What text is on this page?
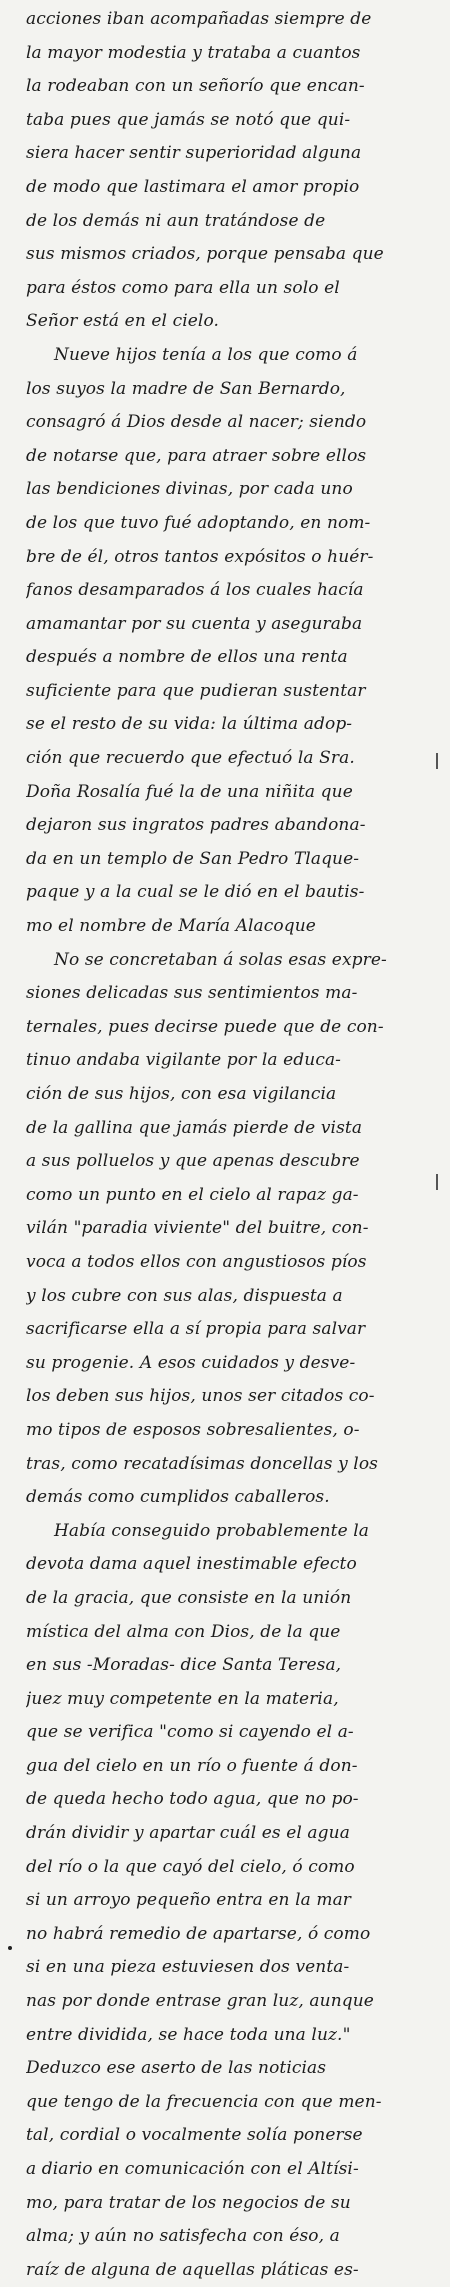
acciones iban acompañadas siempre de
la mayor modestia y trataba a cuantos
la rodeaban con un señorío que encan-
taba pues que jamás se notó que qui-
siera hacer sentir superioridad alguna
de modo que lastimara el amor propio
de los demás ni aun tratándose de
sus mismos criados, porque pensaba que
para éstos como para ella un solo el
Señor está en el cielo.
Nueve hijos tenía a los que como á
los suyos la madre de San Bernardo,
consagró á Dios desde al nacer; siendo
de notarse que, para atraer sobre ellos
las bendiciones divinas, por cada uno
de los que tuvo fué adoptando, en nom-
bre de él, otros tantos expósitos o huér-
fanos desamparados á los cuales hacía
amamantar por su cuenta y aseguraba
después a nombre de ellos una renta
suficiente para que pudieran sustentar
se el resto de su vida: la última adop-
ción que recuerdo que efectuó la Sra.
Doña Rosalía fué la de una niñita que
dejaron sus ingratos padres abandona-
da en un templo de San Pedro Tlaque-
paque y a la cual se le dió en el bautis-
mo el nombre de María Alacoque
No se concretaban á solas esas expre-
siones delicadas sus sentimientos ma-
ternales, pues decirse puede que de con-
tinuo andaba vigilante por la educa-
ción de sus hijos, con esa vigilancia
de la gallina que jamás pierde de vista
a sus polluelos y que apenas descubre
como un punto en el cielo al rapaz ga-
vilán "paradia viviente" del buitre, con-
voca a todos ellos con angustiosos píos
y los cubre con sus alas, dispuesta a
sacrificarse ella a sí propia para salvar
su progenie. A esos cuidados y desve-
los deben sus hijos, unos ser citados co-
mo tipos de esposos sobresalientes, o-
tras, como recatadísimas doncellas y los
demás como cumplidos caballeros.
Había conseguido probablemente la
devota dama aquel inestimable efecto
de la gracia, que consiste en la unión
mística del alma con Dios, de la que
en sus -Moradas- dice Santa Teresa,
juez muy competente en la materia,
que se verifica "como si cayendo el a-
gua del cielo en un río o fuente á don-
de queda hecho todo agua, que no po-
drán dividir y apartar cuál es el agua
del río o la que cayó del cielo, ó como
si un arroyo pequeño entra en la mar
no habrá remedio de apartarse, ó como
si en una pieza estuviesen dos venta-
nas por donde entrase gran luz, aunque
entre dividida, se hace toda una luz."
Deduzco ese aserto de las noticias
que tengo de la frecuencia con que men-
tal, cordial o vocalmente solía ponerse
a diario en comunicación con el Altísi-
mo, para tratar de los negocios de su
alma; y aún no satisfecha con éso, a
raíz de alguna de aquellas pláticas es-
